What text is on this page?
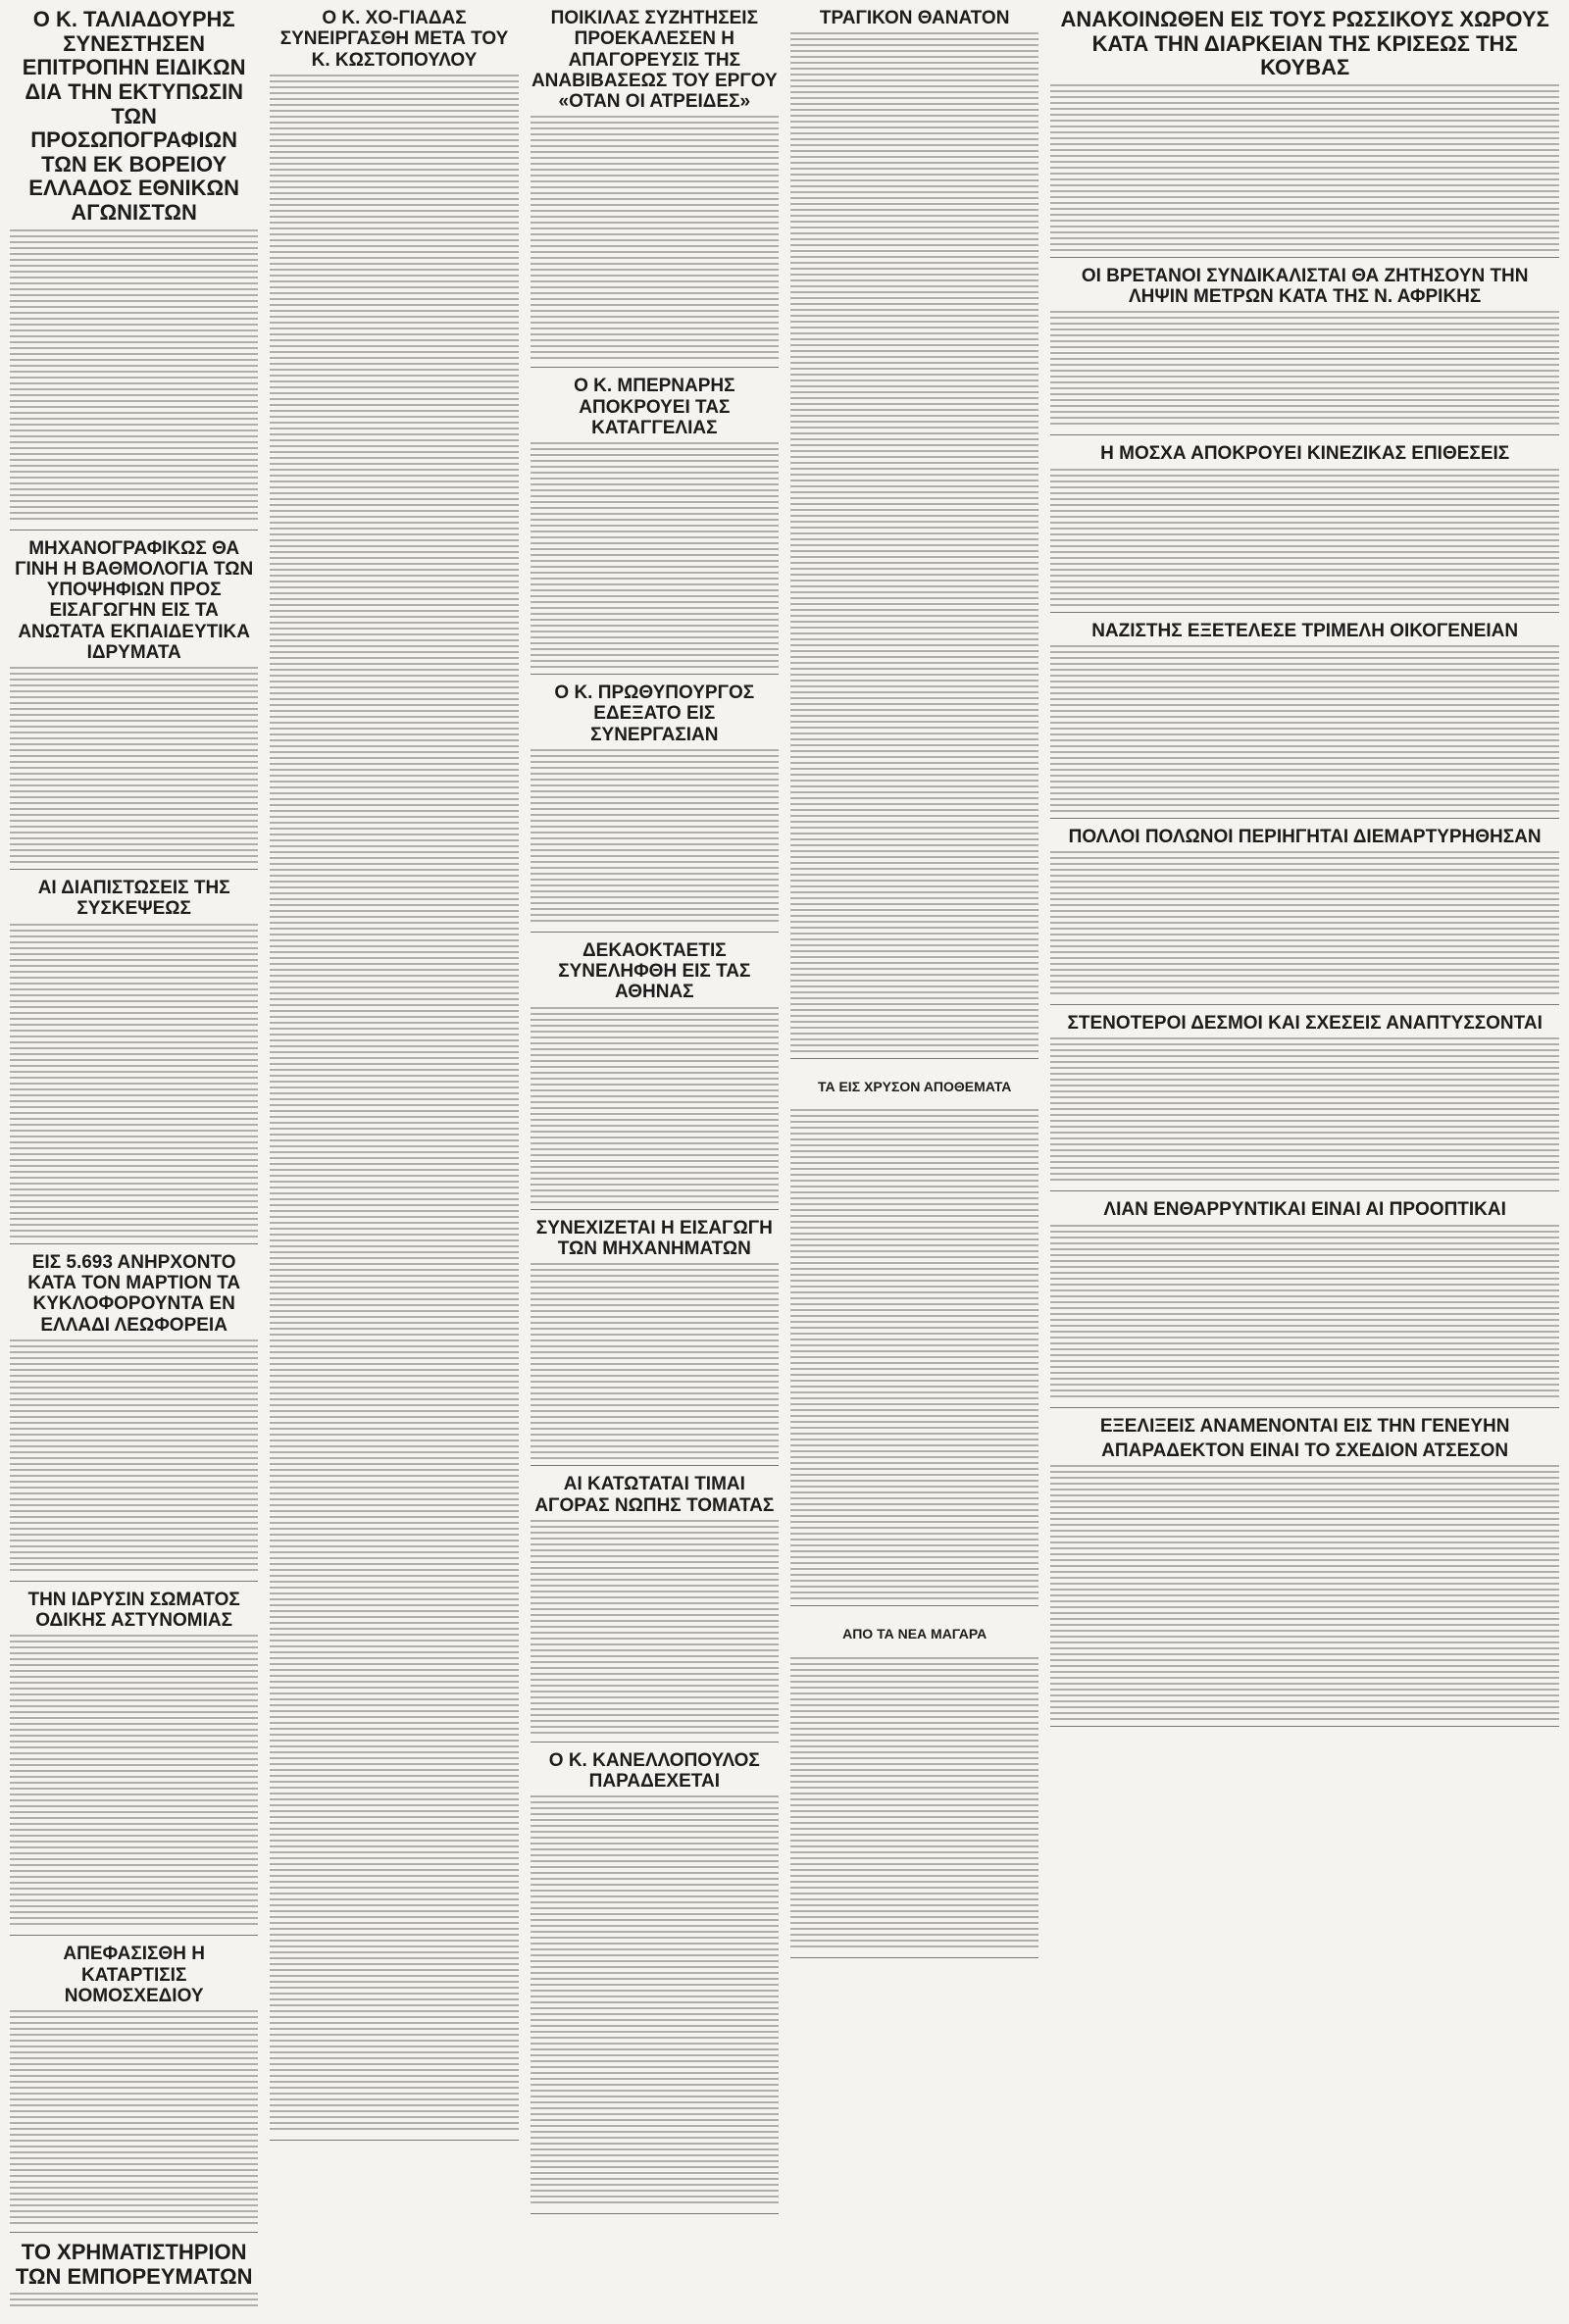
Ο Κ. ΤΑΛΙΑΔΟΥΡΗΣ ΣΥΝΕΣΤΗΣΕΝ ΕΠΙΤΡΟΠΗΝ ΕΙΔΙΚΩΝ ΔΙΑ ΤΗΝ ΕΚΤΥΠΩΣΙΝ ΤΩΝ ΠΡΟΣΩΠΟΓΡΑΦΙΩΝ ΤΩΝ ΕΚ ΒΟΡΕΙΟΥ ΕΛΛΑΔΟΣ ΕΘΝΙΚΩΝ ΑΓΩΝΙΣΤΩΝ
ΜΗΧΑΝΟΓΡΑΦΙΚΩΣ ΘΑ ΓΙΝΗ Η ΒΑΘΜΟΛΟΓΙΑ ΤΩΝ ΥΠΟΨΗΦΙΩΝ ΠΡΟΣ ΕΙΣΑΓΩΓΗΝ ΕΙΣ ΤΑ ΑΝΩΤΑΤΑ ΕΚΠΑΙΔΕΥΤΙΚΑ ΙΔΡΥΜΑΤΑ
ΑΙ ΔΙΑΠΙΣΤΩΣΕΙΣ ΤΗΣ ΣΥΣΚΕΨΕΩΣ
ΕΙΣ 5.693 ΑΝΗΡΧΟΝΤΟ ΚΑΤΑ ΤΟΝ ΜΑΡΤΙΟΝ ΤΑ ΚΥΚΛΟΦΟΡΟΥΝΤΑ ΕΝ ΕΛΛΑΔΙ ΛΕΩΦΟΡΕΙΑ
ΤΗΝ ΙΔΡΥΣΙΝ ΣΩΜΑΤΟΣ ΟΔΙΚΗΣ ΑΣΤΥΝΟΜΙΑΣ
ΑΠΕΦΑΣΙΣΘΗ Η ΚΑΤΑΡΤΙΣΙΣ ΝΟΜΟΣΧΕΔΙΟΥ
ΤΟ ΧΡΗΜΑΤΙΣΤΗΡΙΟΝ ΤΩΝ ΕΜΠΟΡΕΥΜΑΤΩΝ
Ο Κ. ΧΟ-ΓΙΑΔΑΣ ΣΥΝΕΙΡΓΑΣΘΗ ΜΕΤΑ ΤΟΥ Κ. ΚΩΣΤΟΠΟΥΛΟΥ
ΠΟΙΚΙΛΑΣ ΣΥΖΗΤΗΣΕΙΣ ΠΡΟΕΚΑΛΕΣΕΝ Η ΑΠΑΓΟΡΕΥΣΙΣ ΤΗΣ ΑΝΑΒΙΒΑΣΕΩΣ ΤΟΥ ΕΡΓΟΥ «ΟΤΑΝ ΟΙ ΑΤΡΕΙΔΕΣ»
Ο Κ. ΜΠΕΡΝΑΡΗΣ ΑΠΟΚΡΟΥΕΙ ΤΑΣ ΚΑΤΑΓΓΕΛΙΑΣ
Ο Κ. ΠΡΩΘΥΠΟΥΡΓΟΣ ΕΔΕΞΑΤΟ ΕΙΣ ΣΥΝΕΡΓΑΣΙΑΝ
ΔΕΚΑΟΚΤΑΕΤΙΣ ΣΥΝΕΛΗΦΘΗ ΕΙΣ ΤΑΣ ΑΘΗΝΑΣ
ΣΥΝΕΧΙΖΕΤΑΙ Η ΕΙΣΑΓΩΓΗ ΤΩΝ ΜΗΧΑΝΗΜΑΤΩΝ
ΑΙ ΚΑΤΩΤΑΤΑΙ ΤΙΜΑΙ ΑΓΟΡΑΣ ΝΩΠΗΣ ΤΟΜΑΤΑΣ
Ο Κ. ΚΑΝΕΛΛΟΠΟΥΛΟΣ ΠΑΡΑΔΕΧΕΤΑΙ
ΤΡΑΓΙΚΟΝ ΘΑΝΑΤΟΝ
ΤΑ ΕΙΣ ΧΡΥΣΟΝ ΑΠΟΘΕΜΑΤΑ
ΑΠΟ ΤΑ ΝΕΑ ΜΑΓΑΡΑ
ΑΝΑΚΟΙΝΩΘΕΝ ΕΙΣ ΤΟΥΣ ΡΩΣΣΙΚΟΥΣ ΧΩΡΟΥΣ ΚΑΤΑ ΤΗΝ ΔΙΑΡΚΕΙΑΝ ΤΗΣ ΚΡΙΣΕΩΣ ΤΗΣ ΚΟΥΒΑΣ
ΟΙ ΒΡΕΤΑΝΟΙ ΣΥΝΔΙΚΑΛΙΣΤΑΙ ΘΑ ΖΗΤΗΣΟΥΝ ΤΗΝ ΛΗΨΙΝ ΜΕΤΡΩΝ ΚΑΤΑ ΤΗΣ Ν. ΑΦΡΙΚΗΣ
Η ΜΟΣΧΑ ΑΠΟΚΡΟΥΕΙ ΚΙΝΕΖΙΚΑΣ ΕΠΙΘΕΣΕΙΣ
ΝΑΖΙΣΤΗΣ ΕΞΕΤΕΛΕΣΕ ΤΡΙΜΕΛΗ ΟΙΚΟΓΕΝΕΙΑΝ
ΠΟΛΛΟΙ ΠΟΛΩΝΟΙ ΠΕΡΙΗΓΗΤΑΙ ΔΙΕΜΑΡΤΥΡΗΘΗΣΑΝ
ΣΤΕΝΟΤΕΡΟΙ ΔΕΣΜΟΙ ΚΑΙ ΣΧΕΣΕΙΣ ΑΝΑΠΤΥΣΣΟΝΤΑΙ
ΛΙΑΝ ΕΝΘΑΡΡΥΝΤΙΚΑΙ ΕΙΝΑΙ ΑΙ ΠΡΟΟΠΤΙΚΑΙ
ΕΞΕΛΙΞΕΙΣ ΑΝΑΜΕΝΟΝΤΑΙ ΕΙΣ ΤΗΝ ΓΕΝΕΥΗΝ
ΑΠΑΡΑΔΕΚΤΟΝ ΕΙΝΑΙ ΤΟ ΣΧΕΔΙΟΝ ΑΤΣΕΣΟΝ
